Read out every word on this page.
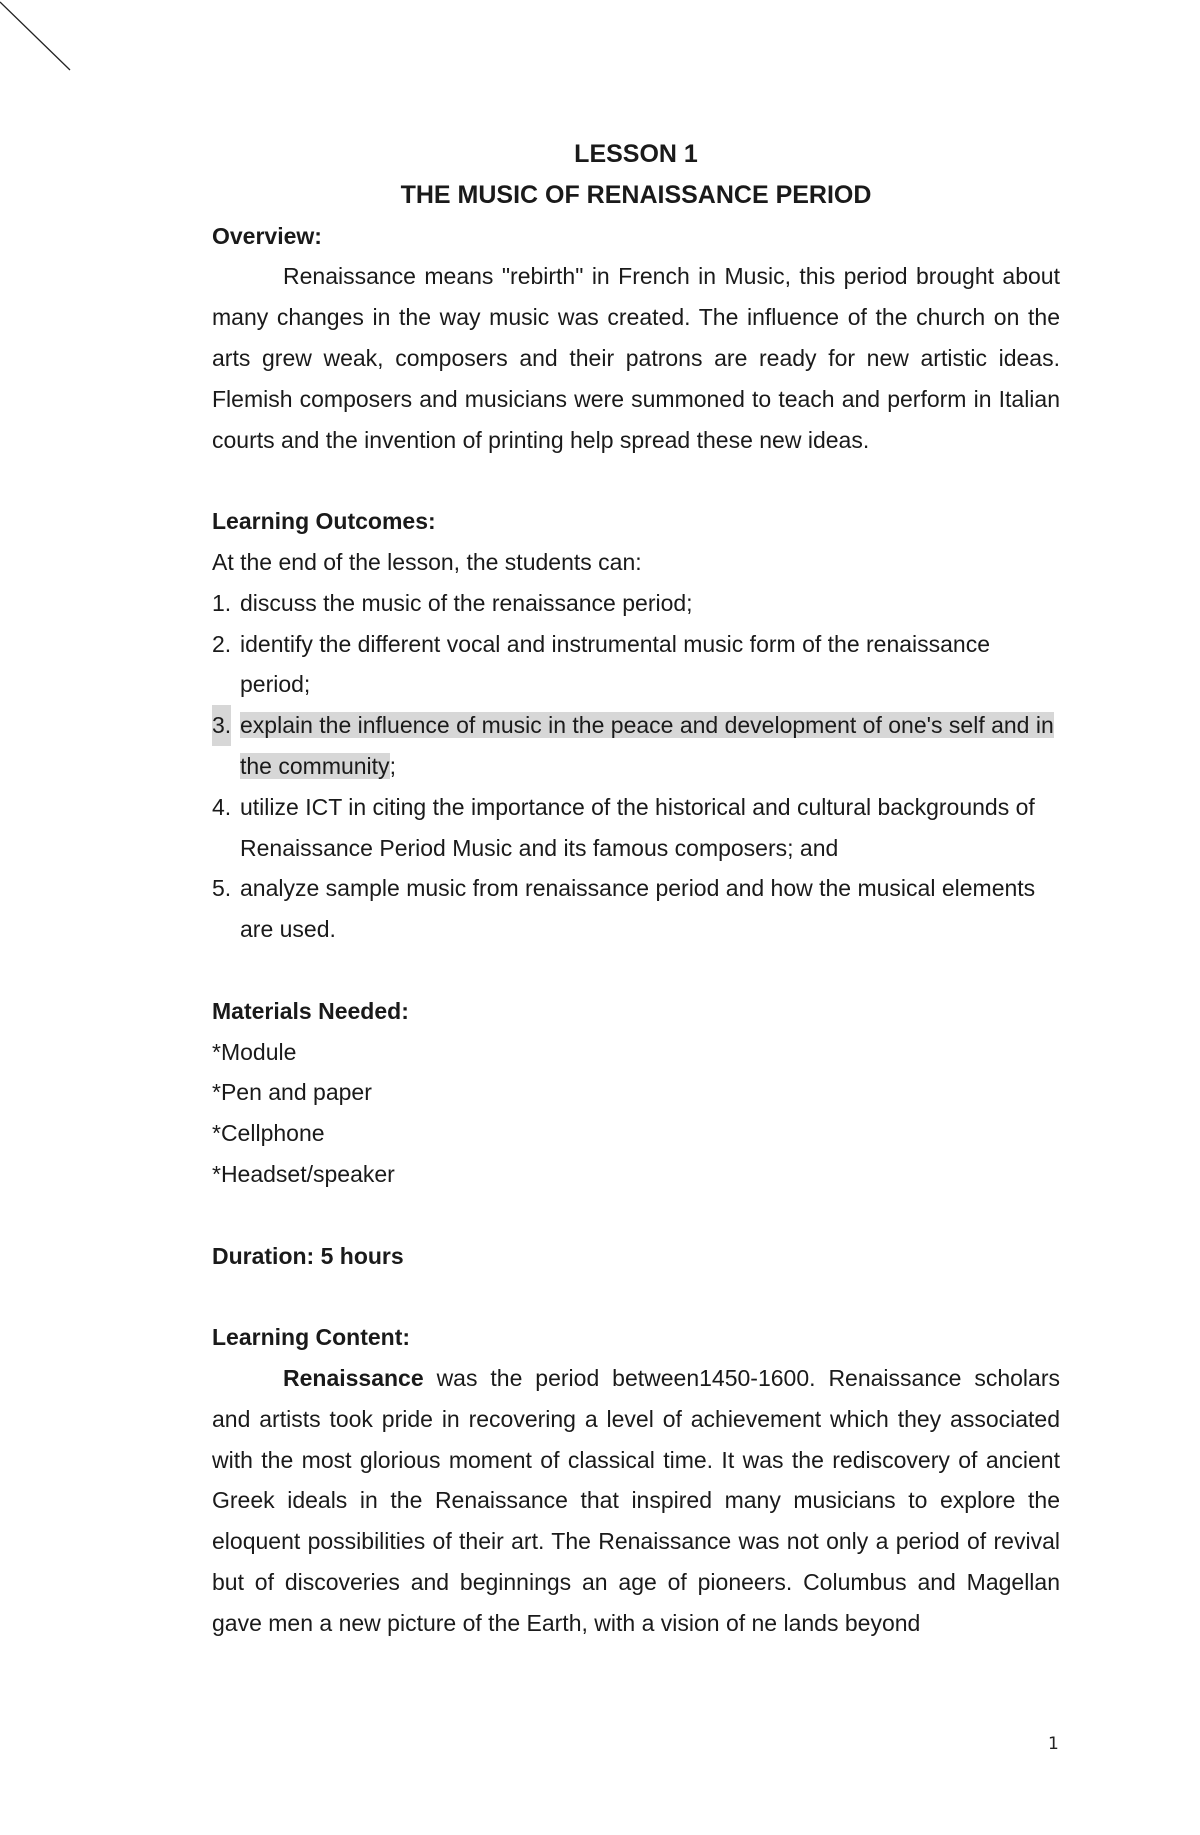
LESSON 1
THE MUSIC OF RENAISSANCE PERIOD
Overview:
Renaissance means "rebirth" in French in Music, this period brought about many changes in the way music was created. The influence of the church on the arts grew weak, composers and their patrons are ready for new artistic ideas. Flemish composers and musicians were summoned to teach and perform in Italian courts and the invention of printing help spread these new ideas.
Learning Outcomes:
At the end of the lesson, the students can:
1. discuss the music of the renaissance period;
2. identify the different vocal and instrumental music form of the renaissance period;
3. explain the influence of music in the peace and development of one's self and in the community;
4. utilize ICT in citing the importance of the historical and cultural backgrounds of Renaissance Period Music and its famous composers; and
5. analyze sample music from renaissance period and how the musical elements are used.
Materials Needed:
*Module
*Pen and paper
*Cellphone
*Headset/speaker
Duration: 5 hours
Learning Content:
Renaissance was the period between1450-1600. Renaissance scholars and artists took pride in recovering a level of achievement which they associated with the most glorious moment of classical time. It was the rediscovery of ancient Greek ideals in the Renaissance that inspired many musicians to explore the eloquent possibilities of their art. The Renaissance was not only a period of revival but of discoveries and beginnings an age of pioneers. Columbus and Magellan gave men a new picture of the Earth, with a vision of ne lands beyond
1
